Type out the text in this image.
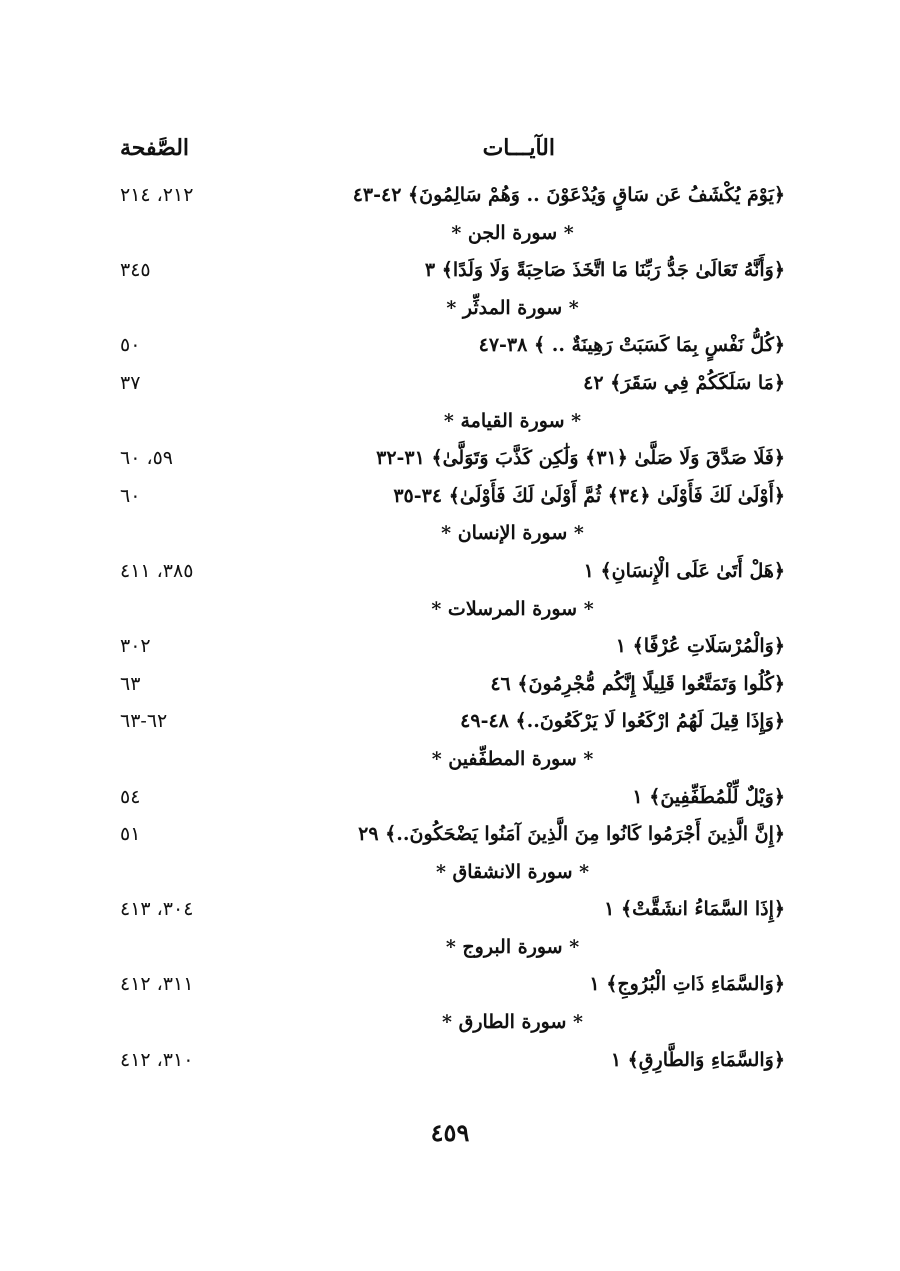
الآيـــات
الصَّفحة
﴿يَوْمَ يُكْشَفُ عَن سَاقٍ وَيُدْعَوْنَ .. وَهُمْ سَالِمُونَ﴾ ٤٢-٤٣
٢١٢، ٢١٤
* سورة الجن *
﴿وَأَنَّهُ تَعَالَىٰ جَدُّ رَبِّنَا مَا اتَّخَذَ صَاحِبَةً وَلَا وَلَدًا﴾ ٣
٣٤٥
* سورة المدثِّر *
﴿كُلُّ نَفْسٍ بِمَا كَسَبَتْ رَهِينَةٌ .. ﴾ ٣٨-٤٧
٥٠
﴿مَا سَلَكَكُمْ فِي سَقَرَ﴾ ٤٢
٣٧
* سورة القيامة *
﴿فَلَا صَدَّقَ وَلَا صَلَّىٰ ﴿٣١﴾ وَلَٰكِن كَذَّبَ وَتَوَلَّىٰ﴾ ٣١-٣٢
٥٩، ٦٠
﴿أَوْلَىٰ لَكَ فَأَوْلَىٰ ﴿٣٤﴾ ثُمَّ أَوْلَىٰ لَكَ فَأَوْلَىٰ﴾ ٣٤-٣٥
٦٠
* سورة الإنسان *
﴿هَلْ أَتَىٰ عَلَى الْإِنسَانِ﴾ ١
٣٨٥، ٤١١
* سورة المرسلات *
﴿وَالْمُرْسَلَاتِ عُرْفًا﴾ ١
٣٠٢
﴿كُلُوا وَتَمَتَّعُوا قَلِيلًا إِنَّكُم مُّجْرِمُونَ﴾ ٤٦
٦٣
﴿وَإِذَا قِيلَ لَهُمُ ارْكَعُوا لَا يَرْكَعُونَ..﴾ ٤٨-٤٩
٦٢-٦٣
* سورة المطفِّفين *
﴿وَيْلٌ لِّلْمُطَفِّفِينَ﴾ ١
٥٤
﴿إِنَّ الَّذِينَ أَجْرَمُوا كَانُوا مِنَ الَّذِينَ آمَنُوا يَضْحَكُونَ..﴾ ٢٩
٥١
* سورة الانشقاق *
﴿إِذَا السَّمَاءُ انشَقَّتْ﴾ ١
٣٠٤، ٤١٣
* سورة البروج *
﴿وَالسَّمَاءِ ذَاتِ الْبُرُوجِ﴾ ١
٣١١، ٤١٢
* سورة الطارق *
﴿وَالسَّمَاءِ وَالطَّارِقِ﴾ ١
٣١٠، ٤١٢
٤٥٩
